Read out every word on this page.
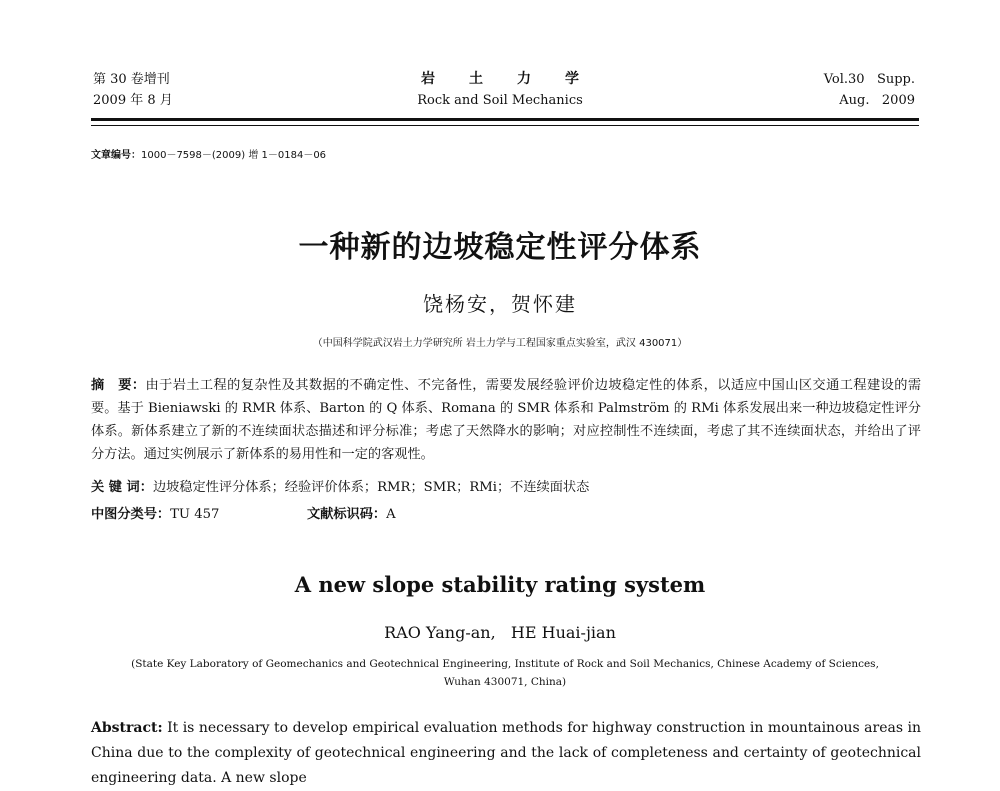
第 30 卷增刊
2009 年 8 月
岩土力学
Rock and Soil Mechanics
Vol.30   Supp.
Aug.   2009
文章编号：1000－7598－(2009) 增 1－0184－06
一种新的边坡稳定性评分体系
饶杨安，贺怀建
（中国科学院武汉岩土力学研究所 岩土力学与工程国家重点实验室，武汉 430071）
摘　要：由于岩土工程的复杂性及其数据的不确定性、不完备性，需要发展经验评价边坡稳定性的体系，以适应中国山区交通工程建设的需要。基于 Bieniawski 的 RMR 体系、Barton 的 Q 体系、Romana 的 SMR 体系和 Palmström 的 RMi 体系发展出来一种边坡稳定性评分体系。新体系建立了新的不连续面状态描述和评分标准；考虑了天然降水的影响；对应控制性不连续面，考虑了其不连续面状态，并给出了评分方法。通过实例展示了新体系的易用性和一定的客观性。
关 键 词：边坡稳定性评分体系；经验评价体系；RMR；SMR；RMi；不连续面状态
中图分类号：TU 457	文献标识码：A
A new slope stability rating system
RAO Yang-an,   HE Huai-jian
(State Key Laboratory of Geomechanics and Geotechnical Engineering, Institute of Rock and Soil Mechanics, Chinese Academy of Sciences,
Wuhan 430071, China)
Abstract: It is necessary to develop empirical evaluation methods for highway construction in mountainous areas in China due to the complexity of geotechnical engineering and the lack of completeness and certainty of geotechnical engineering data. A new slope
